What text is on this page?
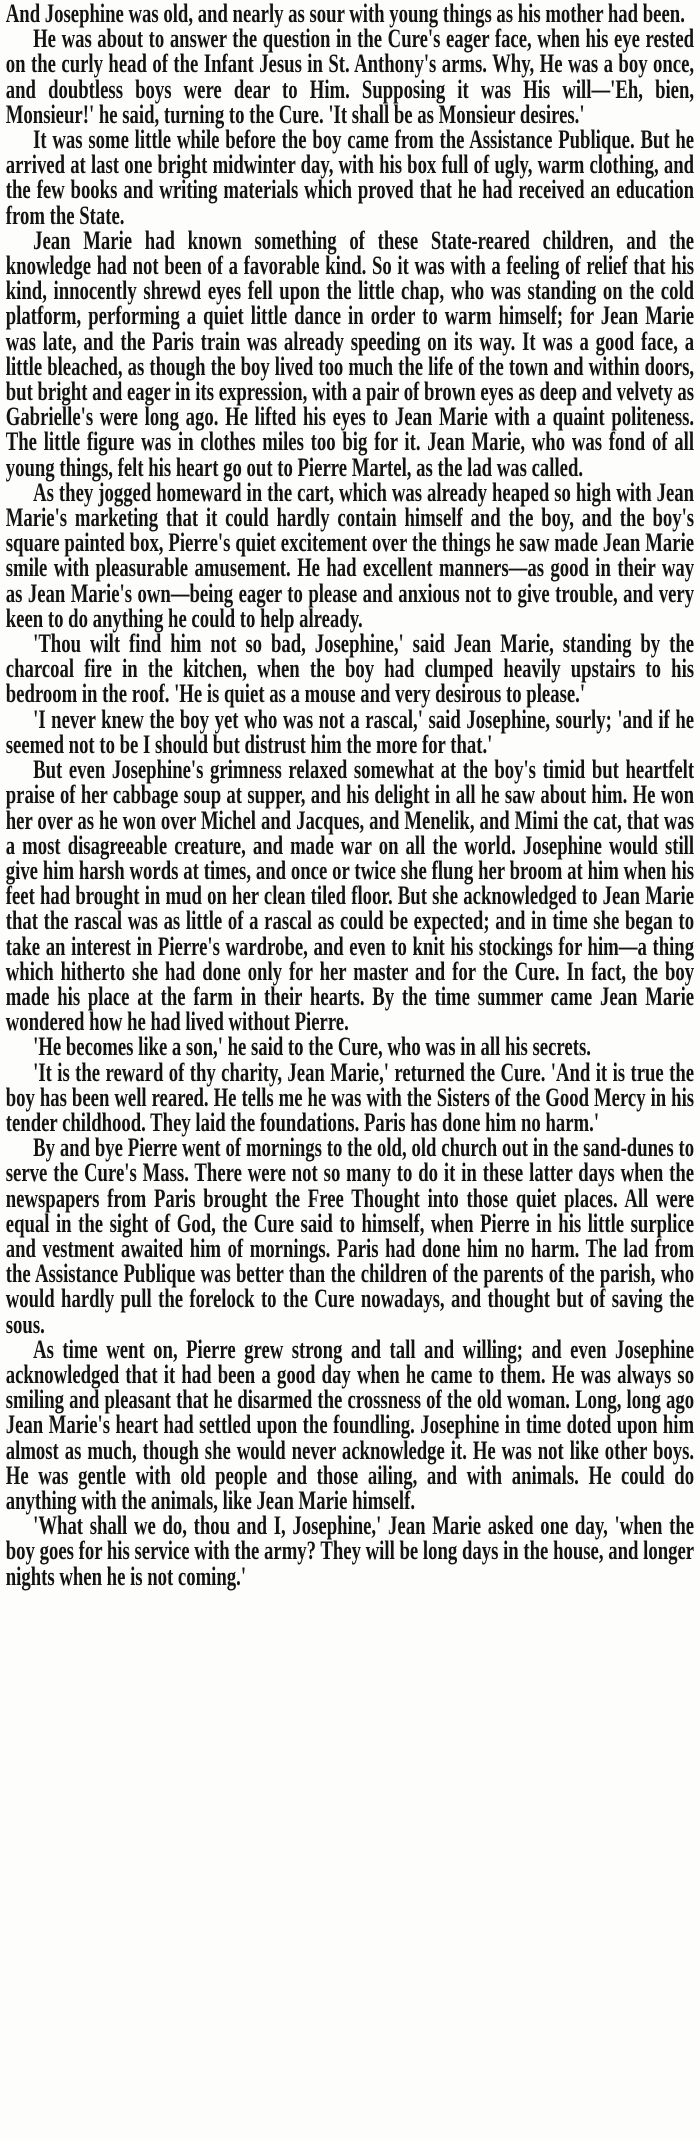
And Josephine was old, and nearly as sour with young things as his mother had been.

He was about to answer the question in the Cure's eager face, when his eye rested on the curly head of the Infant Jesus in St. Anthony's arms. Why, He was a boy once, and doubtless boys were dear to Him. Supposing it was His will—'Eh, bien, Monsieur!' he said, turning to the Cure. 'It shall be as Monsieur desires.'

It was some little while before the boy came from the Assistance Publique. But he arrived at last one bright midwinter day, with his box full of ugly, warm clothing, and the few books and writing materials which proved that he had received an education from the State.

Jean Marie had known something of these State-reared children, and the knowledge had not been of a favorable kind. So it was with a feeling of relief that his kind, innocently shrewd eyes fell upon the little chap, who was standing on the cold platform, performing a quiet little dance in order to warm himself; for Jean Marie was late, and the Paris train was already speeding on its way. It was a good face, a little bleached, as though the boy lived too much the life of the town and within doors, but bright and eager in its expression, with a pair of brown eyes as deep and velvety as Gabrielle's were long ago. He lifted his eyes to Jean Marie with a quaint politeness. The little figure was in clothes miles too big for it. Jean Marie, who was fond of all young things, felt his heart go out to Pierre Martel, as the lad was called.

As they jogged homeward in the cart, which was already heaped so high with Jean Marie's marketing that it could hardly contain himself and the boy, and the boy's square painted box, Pierre's quiet excitement over the things he saw made Jean Marie smile with pleasurable amusement. He had excellent manners—as good in their way as Jean Marie's own—being eager to please and anxious not to give trouble, and very keen to do anything he could to help already.

'Thou wilt find him not so bad, Josephine,' said Jean Marie, standing by the charcoal fire in the kitchen, when the boy had clumped heavily upstairs to his bedroom in the roof. 'He is quiet as a mouse and very desirous to please.'

'I never knew the boy yet who was not a rascal,' said Josephine, sourly; 'and if he seemed not to be I should but distrust him the more for that.'

But even Josephine's grimness relaxed somewhat at the boy's timid but heartfelt praise of her cabbage soup at supper, and his delight in all he saw about him. He won her over as he won over Michel and Jacques, and Menelik, and Mimi the cat, that was a most disagreeable creature, and made war on all the world. Josephine would still give him harsh words at times, and once or twice she flung her broom at him when his feet had brought in mud on her clean tiled floor. But she acknowledged to Jean Marie that the rascal was as little of a rascal as could be expected; and in time she began to take an interest in Pierre's wardrobe, and even to knit his stockings for him—a thing which hitherto she had done only for her master and for the Cure. In fact, the boy made his place at the farm in their hearts. By the time summer came Jean Marie wondered how he had lived without Pierre.

'He becomes like a son,' he said to the Cure, who was in all his secrets.

'It is the reward of thy charity, Jean Marie,' returned the Cure. 'And it is true the boy has been well reared. He tells me he was with the Sisters of the Good Mercy in his tender childhood. They laid the foundations. Paris has done him no harm.'

By and bye Pierre went of mornings to the old, old church out in the sand-dunes to serve the Cure's Mass. There were not so many to do it in these latter days when the newspapers from Paris brought the Free Thought into those quiet places. All were equal in the sight of God, the Cure said to himself, when Pierre in his little surplice and vestment awaited him of mornings. Paris had done him no harm. The lad from the Assistance Publique was better than the children of the parents of the parish, who would hardly pull the forelock to the Cure nowadays, and thought but of saving the sous.

As time went on, Pierre grew strong and tall and willing; and even Josephine acknowledged that it had been a good day when he came to them. He was always so smiling and pleasant that he disarmed the crossness of the old woman. Long, long ago Jean Marie's heart had settled upon the foundling. Josephine in time doted upon him almost as much, though she would never acknowledge it. He was not like other boys. He was gentle with old people and those ailing, and with animals. He could do anything with the animals, like Jean Marie himself.

'What shall we do, thou and I, Josephine,' Jean Marie asked one day, 'when the boy goes for his service with the army? They will be long days in the house, and longer nights when he is not coming.'
